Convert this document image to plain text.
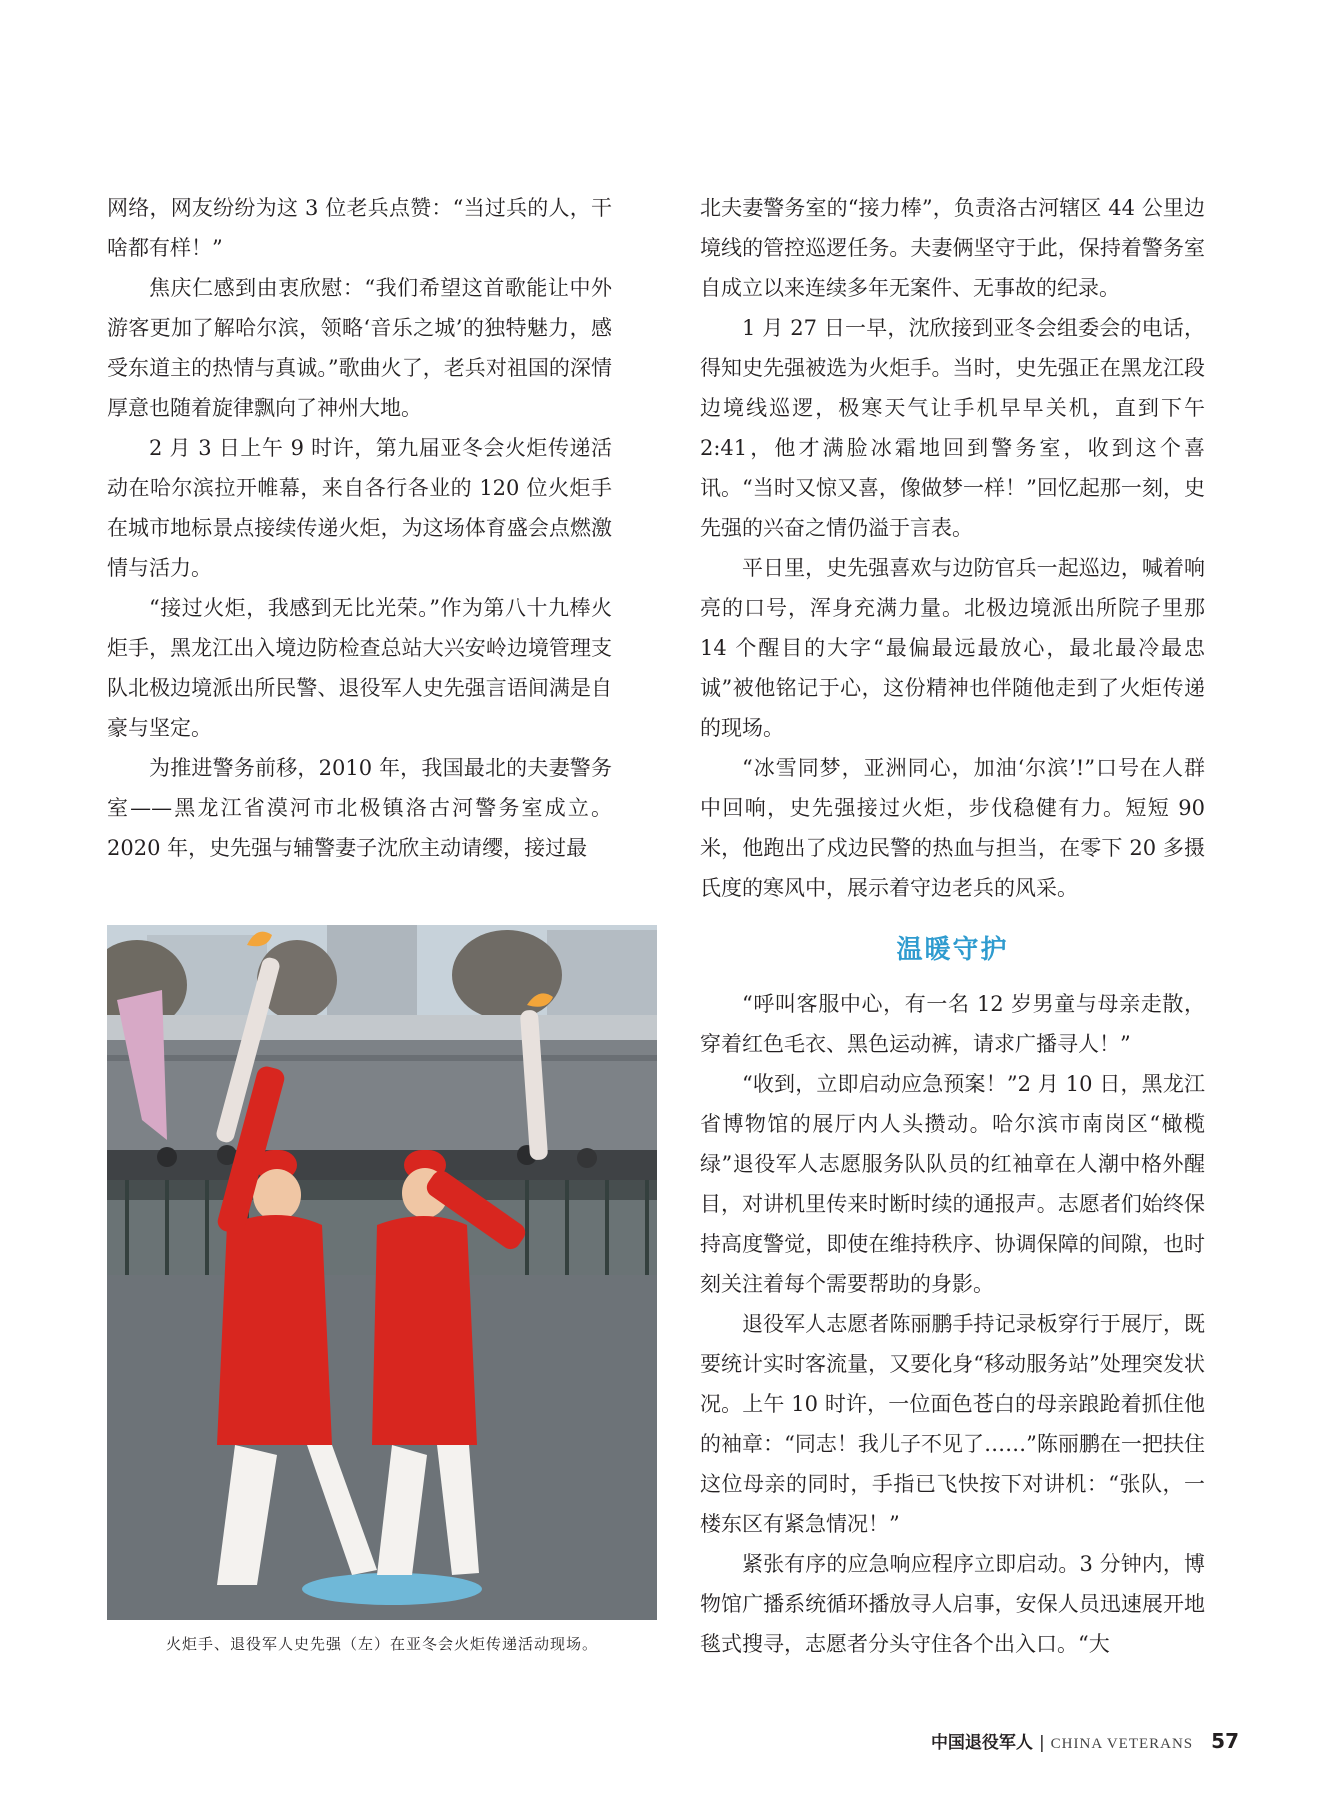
网络，网友纷纷为这 3 位老兵点赞：“当过兵的人，干啥都有样！”

焦庆仁感到由衷欣慰：“我们希望这首歌能让中外游客更加了解哈尔滨，领略‘音乐之城’的独特魅力，感受东道主的热情与真诚。”歌曲火了，老兵对祖国的深情厚意也随着旋律飘向了神州大地。

2 月 3 日上午 9 时许，第九届亚冬会火炬传递活动在哈尔滨拉开帷幕，来自各行各业的 120 位火炬手在城市地标景点接续传递火炬，为这场体育盛会点燃激情与活力。

“接过火炬，我感到无比光荣。”作为第八十九棒火炬手，黑龙江出入境边防检查总站大兴安岭边境管理支队北极边境派出所民警、退役军人史先强言语间满是自豪与坚定。

为推进警务前移，2010 年，我国最北的夫妻警务室——黑龙江省漠河市北极镇洛古河警务室成立。2020 年，史先强与辅警妻子沈欣主动请缨，接过最

火炬手、退役军人史先强（左）在亚冬会火炬传递活动现场。

北夫妻警务室的“接力棒”，负责洛古河辖区 44 公里边境线的管控巡逻任务。夫妻俩坚守于此，保持着警务室自成立以来连续多年无案件、无事故的纪录。

1 月 27 日一早，沈欣接到亚冬会组委会的电话，得知史先强被选为火炬手。当时，史先强正在黑龙江段边境线巡逻，极寒天气让手机早早关机，直到下午 2:41，他才满脸冰霜地回到警务室，收到这个喜讯。“当时又惊又喜，像做梦一样！”回忆起那一刻，史先强的兴奋之情仍溢于言表。

平日里，史先强喜欢与边防官兵一起巡边，喊着响亮的口号，浑身充满力量。北极边境派出所院子里那 14 个醒目的大字“最偏最远最放心，最北最冷最忠诚”被他铭记于心，这份精神也伴随他走到了火炬传递的现场。

“冰雪同梦，亚洲同心，加油‘尔滨’!”口号在人群中回响，史先强接过火炬，步伐稳健有力。短短 90 米，他跑出了戍边民警的热血与担当，在零下 20 多摄氏度的寒风中，展示着守边老兵的风采。

温暖守护

“呼叫客服中心，有一名 12 岁男童与母亲走散，穿着红色毛衣、黑色运动裤，请求广播寻人！”

“收到，立即启动应急预案！”2 月 10 日，黑龙江省博物馆的展厅内人头攒动。哈尔滨市南岗区“橄榄绿”退役军人志愿服务队队员的红袖章在人潮中格外醒目，对讲机里传来时断时续的通报声。志愿者们始终保持高度警觉，即使在维持秩序、协调保障的间隙，也时刻关注着每个需要帮助的身影。

退役军人志愿者陈丽鹏手持记录板穿行于展厅，既要统计实时客流量，又要化身“移动服务站”处理突发状况。上午 10 时许，一位面色苍白的母亲踉跄着抓住他的袖章：“同志！我儿子不见了……”陈丽鹏在一把扶住这位母亲的同时，手指已飞快按下对讲机：“张队，一楼东区有紧急情况！”

紧张有序的应急响应程序立即启动。3 分钟内，博物馆广播系统循环播放寻人启事，安保人员迅速展开地毯式搜寻，志愿者分头守住各个出入口。“大

中国退役军人 | CHINA VETERANS 57
